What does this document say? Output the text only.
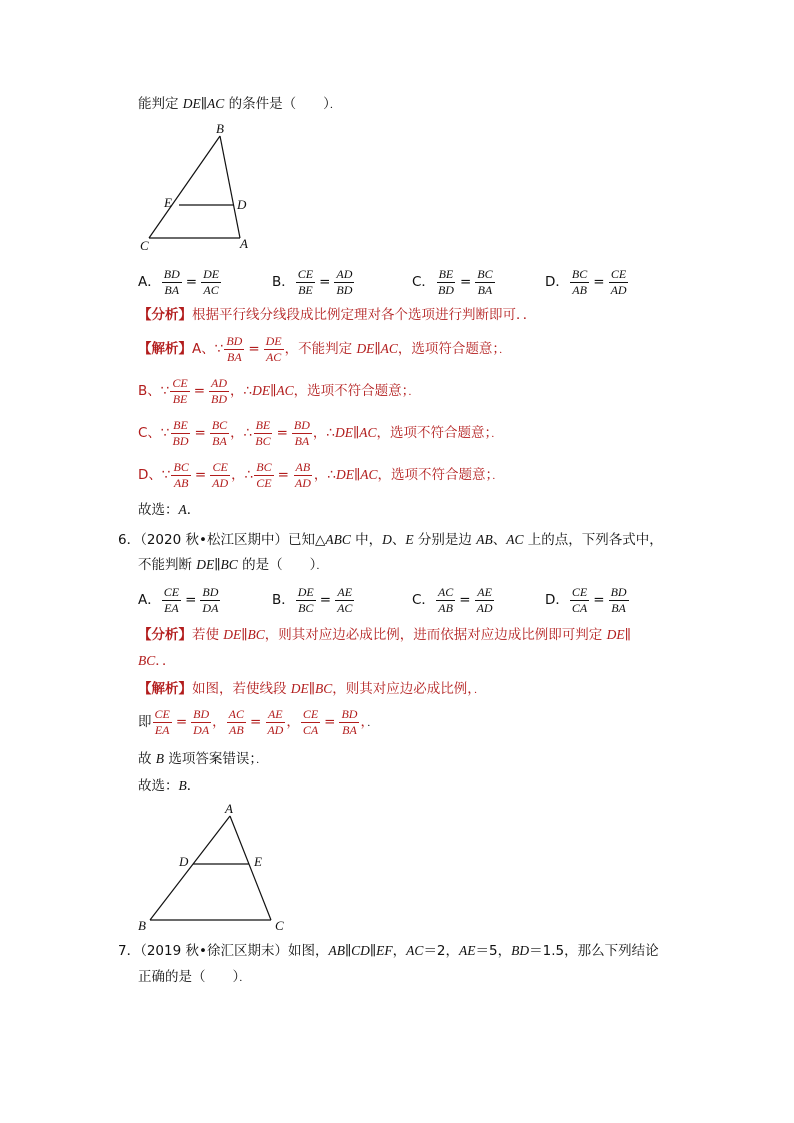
能判定 DE∥AC 的条件是（　　）．
B
E	D
C	A
A． $\frac{BD}{BA} = \frac{DE}{AC}$	B． $\frac{CE}{BE} = \frac{AD}{BD}$	C． $\frac{BE}{BD} = \frac{BC}{BA}$	D． $\frac{BC}{AB} = \frac{CE}{AD}$
【分析】根据平行线分线段成比例定理对各个选项进行判断即可．．
【解析】A、∵ $\frac{BD}{BA} = \frac{DE}{AC}$ ，不能判定 DE∥AC，选项符合题意；．
B、∵ $\frac{CE}{BE} = \frac{AD}{BD}$ ，∴DE∥AC，选项不符合题意；．
C、∵ $\frac{BE}{BD} = \frac{BC}{BA}$ ，∴ $\frac{BE}{BC} = \frac{BD}{BA}$ ，∴DE∥AC，选项不符合题意；．
D、∵ $\frac{BC}{AB} = \frac{CE}{AD}$ ，∴ $\frac{BC}{CE} = \frac{AB}{AD}$ ，∴DE∥AC，选项不符合题意；．
故选：A．
6．（2020 秋•松江区期中）已知△ABC 中，D、E 分别是边 AB、AC 上的点，下列各式中，
不能判断 DE∥BC 的是（　　）．
A． $\frac{CE}{EA} = \frac{BD}{DA}$	B． $\frac{DE}{BC} = \frac{AE}{AC}$	C． $\frac{AC}{AB} = \frac{AE}{AD}$	D． $\frac{CE}{CA} = \frac{BD}{BA}$
【分析】若使 DE∥BC，则其对应边必成比例，进而依据对应边成比例即可判定 DE∥
BC．．
【解析】如图，若使线段 DE∥BC，则其对应边必成比例，．
即 $\frac{CE}{EA} = \frac{BD}{DA}$ ， $\frac{AC}{AB} = \frac{AE}{AD}$ ， $\frac{CE}{CA} = \frac{BD}{BA}$ ，．
故 B 选项答案错误；．
故选：B．
A
D	E
B	C
7．（2019 秋•徐汇区期末）如图，AB∥CD∥EF，AC＝2，AE＝5，BD＝1.5，那么下列结论
正确的是（　　）．
